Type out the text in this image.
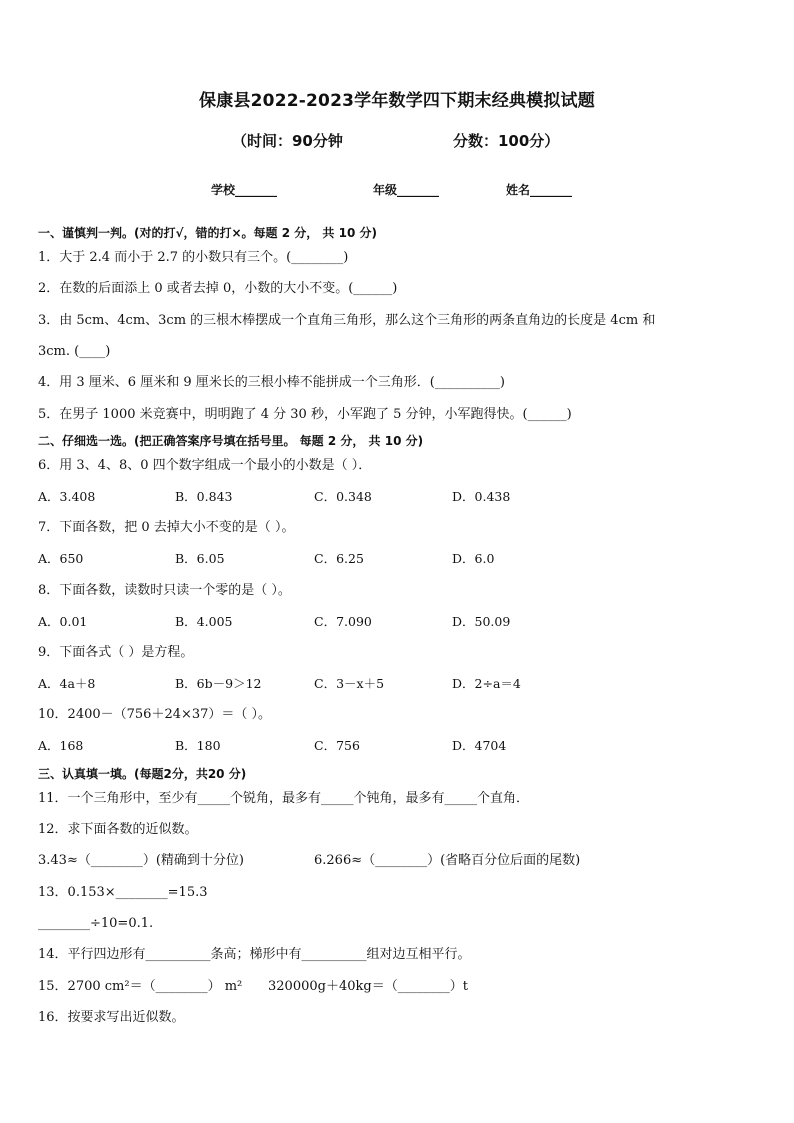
保康县2022-2023学年数学四下期末经典模拟试题
（时间：90分钟	分数：100分）
学校_______	年级_______	姓名_______
一、谨慎判一判。(对的打√，错的打×。每题 2 分， 共 10 分)
1．大于 2.4 而小于 2.7 的小数只有三个。(________)
2．在数的后面添上 0 或者去掉 0，小数的大小不变。(______)
3．由 5cm、4cm、3cm 的三根木棒摆成一个直角三角形，那么这个三角形的两条直角边的长度是 4cm 和
3cm. (____)
4．用 3 厘米、6 厘米和 9 厘米长的三根小棒不能拼成一个三角形．(__________)
5．在男子 1000 米竞赛中，明明跑了 4 分 30 秒，小军跑了 5 分钟，小军跑得快。(______)
二、仔细选一选。(把正确答案序号填在括号里。 每题 2 分， 共 10 分)
6．用 3、4、8、0 四个数字组成一个最小的小数是（ ）．
A．3.408	B．0.843	C．0.348	D．0.438
7．下面各数，把 0 去掉大小不变的是（ ）。
A．650	B．6.05	C．6.25	D．6.0
8．下面各数，读数时只读一个零的是（ ）。
A．0.01	B．4.005	C．7.090	D．50.09
9．下面各式（ ）是方程。
A．4a＋8	B．6b－9＞12	C．3－x＋5	D．2÷a＝4
10．2400－（756＋24×37）＝（ ）。
A．168	B．180	C．756	D．4704
三、认真填一填。(每题2分，共20 分)
11．一个三角形中，至少有_____个锐角，最多有_____个钝角，最多有_____个直角．
12．求下面各数的近似数。
3.43≈（________）(精确到十分位)	6.266≈（________）(省略百分位后面的尾数)
13．0.153×________=15.3
________÷10=0.1.
14．平行四边形有__________条高；梯形中有__________组对边互相平行。
15．2700 cm²＝（________） m² 320000g＋40kg＝（________）t
16．按要求写出近似数。
